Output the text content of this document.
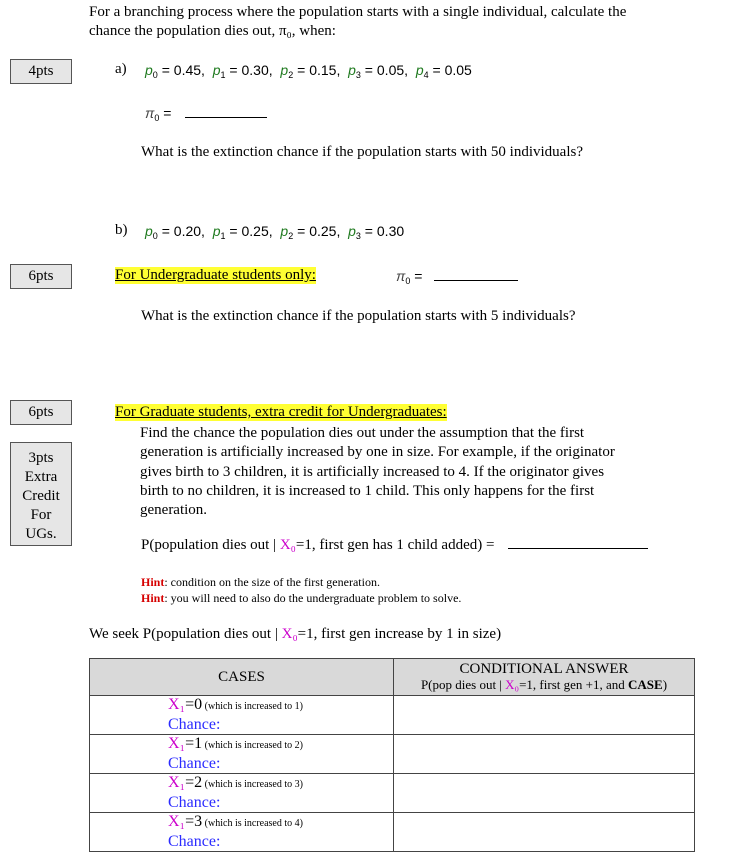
For a branching process where the population starts with a single individual, calculate the
chance the population dies out, π₀, when:
4pts
6pts
6pts
3pts
Extra
Credit
For
UGs.
a) $p_0 = 0.45$,  $p_1 = 0.30$,  $p_2 = 0.15$,  $p_3 = 0.05$,  $p_4 = 0.05$
$\pi_0$ =
What is the extinction chance if the population starts with 50 individuals?
b) $p_0 = 0.20$,  $p_1 = 0.25$,  $p_2 = 0.25$,  $p_3 = 0.30$
For Undergraduate students only:	$\pi_0$ =
What is the extinction chance if the population starts with 5 individuals?
For Graduate students, extra credit for Undergraduates:
Find the chance the population dies out under the assumption that the first
generation is artificially increased by one in size. For example, if the originator
gives birth to 3 children, it is artificially increased to 4. If the originator gives
birth to no children, it is increased to 1 child. This only happens for the first
generation.
P(population dies out | X₀=1, first gen has 1 child added) =
Hint: condition on the size of the first generation.
Hint: you will need to also do the undergraduate problem to solve.
We seek P(population dies out | X₀=1, first gen increase by 1 in size)
CASES	CONDITIONAL ANSWER
P(pop dies out | X₀=1, first gen +1, and CASE)

X₁=0 (which is increased to 1)
Chance:	

X₁=1 (which is increased to 2)
Chance:	

X₁=2 (which is increased to 3)
Chance:	

X₁=3 (which is increased to 4)
Chance:	
